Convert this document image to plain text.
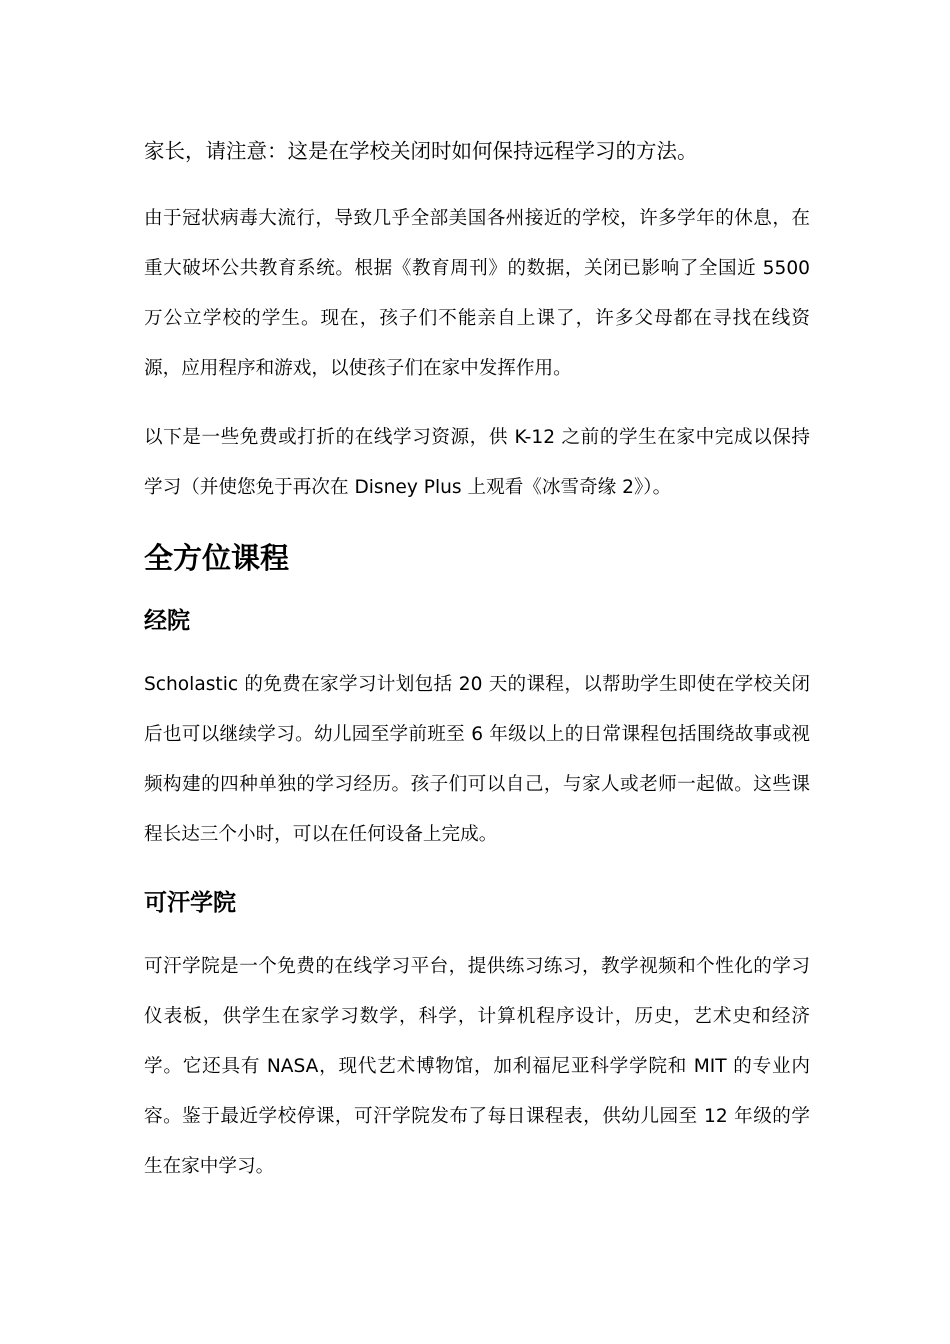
家长，请注意：这是在学校关闭时如何保持远程学习的方法。

由于冠状病毒大流行，导致几乎全部美国各州接近的学校，许多学年的休息，在重大破坏公共教育系统。根据《教育周刊》的数据，关闭已影响了全国近 5500 万公立学校的学生。现在，孩子们不能亲自上课了，许多父母都在寻找在线资源，应用程序和游戏，以使孩子们在家中发挥作用。

以下是一些免费或打折的在线学习资源，供 K-12 之前的学生在家中完成以保持学习（并使您免于再次在 Disney Plus 上观看《冰雪奇缘 2》）。

全方位课程
经院

Scholastic 的免费在家学习计划包括 20 天的课程，以帮助学生即使在学校关闭后也可以继续学习。幼儿园至学前班至 6 年级以上的日常课程包括围绕故事或视频构建的四种单独的学习经历。孩子们可以自己，与家人或老师一起做。这些课程长达三个小时，可以在任何设备上完成。

可汗学院

可汗学院是一个免费的在线学习平台，提供练习练习，教学视频和个性化的学习仪表板，供学生在家学习数学，科学，计算机程序设计，历史，艺术史和经济学。它还具有 NASA，现代艺术博物馆，加利福尼亚科学学院和 MIT 的专业内容。鉴于最近学校停课，可汗学院发布了每日课程表，供幼儿园至 12 年级的学生在家中学习。
